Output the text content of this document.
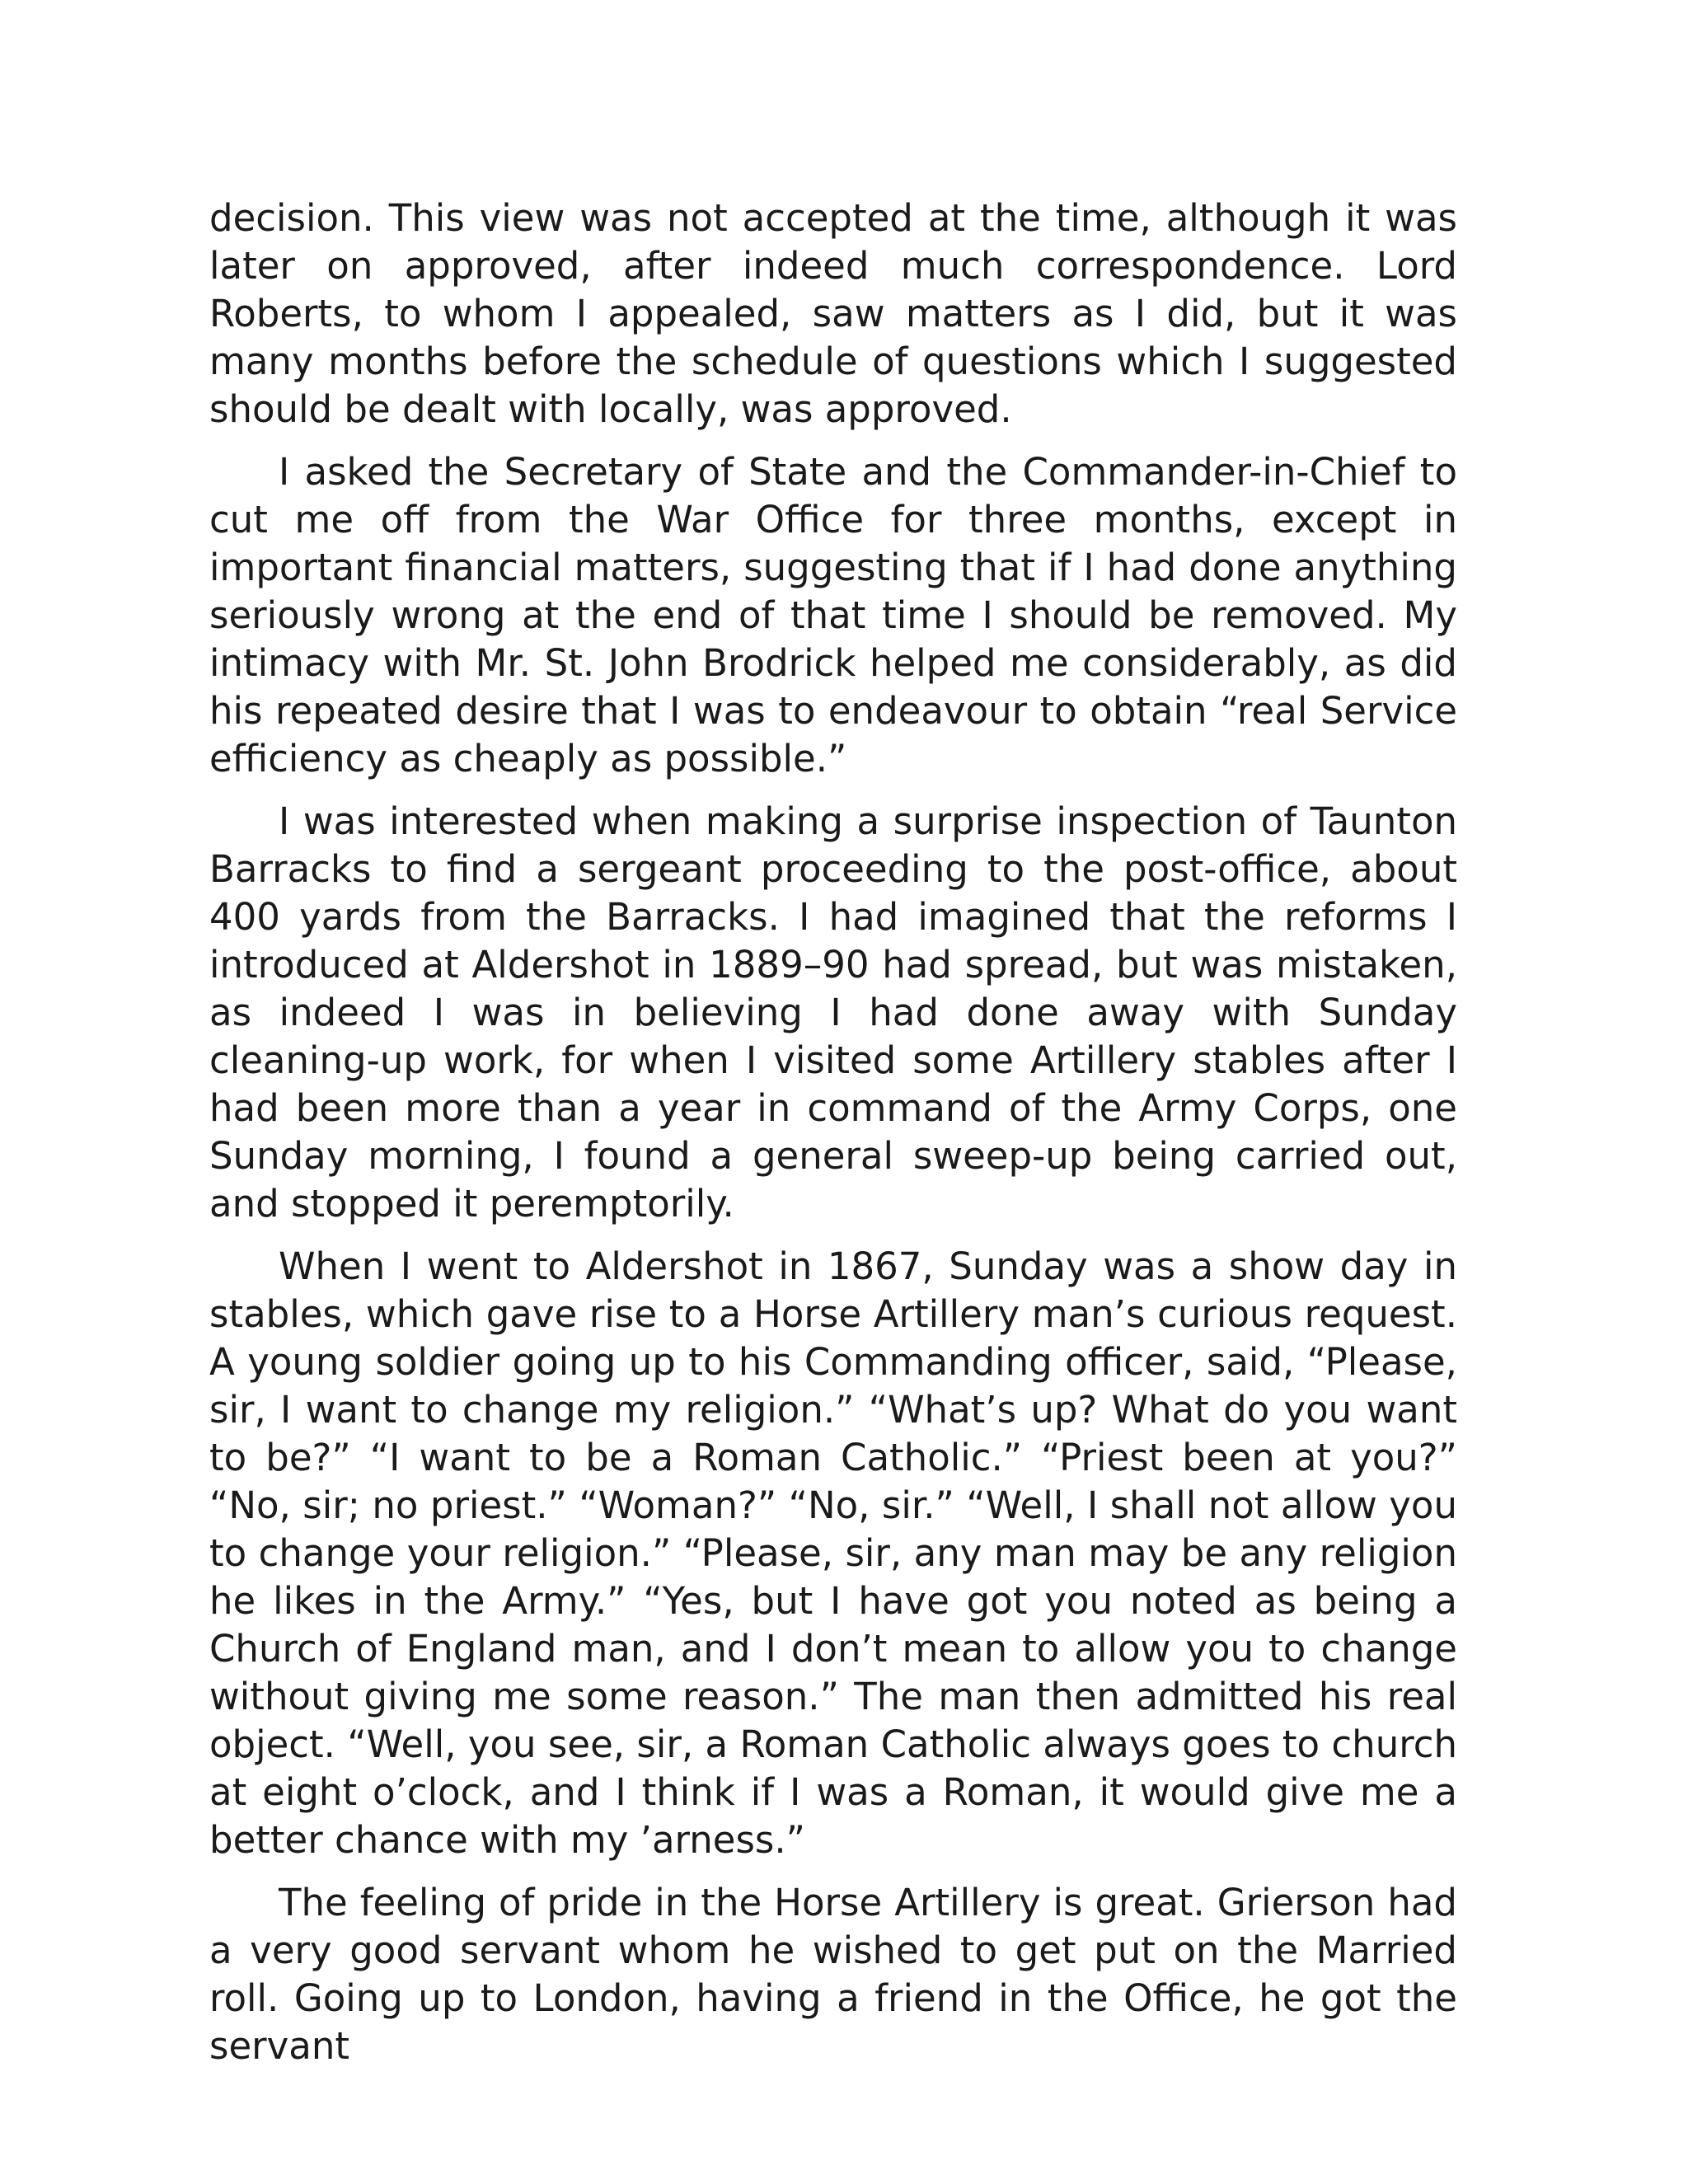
decision. This view was not accepted at the time, although it was later on approved, after indeed much correspondence. Lord Roberts, to whom I appealed, saw matters as I did, but it was many months before the schedule of questions which I suggested should be dealt with locally, was approved.

I asked the Secretary of State and the Commander-in-Chief to cut me off from the War Office for three months, except in important financial matters, suggesting that if I had done anything seriously wrong at the end of that time I should be removed. My intimacy with Mr. St. John Brodrick helped me considerably, as did his repeated desire that I was to endeavour to obtain “real Service efficiency as cheaply as possible.”

I was interested when making a surprise inspection of Taunton Barracks to find a sergeant proceeding to the post-office, about 400 yards from the Barracks. I had imagined that the reforms I introduced at Aldershot in 1889–90 had spread, but was mistaken, as indeed I was in believing I had done away with Sunday cleaning-up work, for when I visited some Artillery stables after I had been more than a year in command of the Army Corps, one Sunday morning, I found a general sweep-up being carried out, and stopped it peremptorily.

When I went to Aldershot in 1867, Sunday was a show day in stables, which gave rise to a Horse Artillery man’s curious request. A young soldier going up to his Commanding officer, said, “Please, sir, I want to change my religion.” “What’s up? What do you want to be?” “I want to be a Roman Catholic.” “Priest been at you?” “No, sir; no priest.” “Woman?” “No, sir.” “Well, I shall not allow you to change your religion.” “Please, sir, any man may be any religion he likes in the Army.” “Yes, but I have got you noted as being a Church of England man, and I don’t mean to allow you to change without giving me some reason.” The man then admitted his real object. “Well, you see, sir, a Roman Catholic always goes to church at eight o’clock, and I think if I was a Roman, it would give me a better chance with my ’arness.”

The feeling of pride in the Horse Artillery is great. Grierson had a very good servant whom he wished to get put on the Married roll. Going up to London, having a friend in the Office, he got the servant
